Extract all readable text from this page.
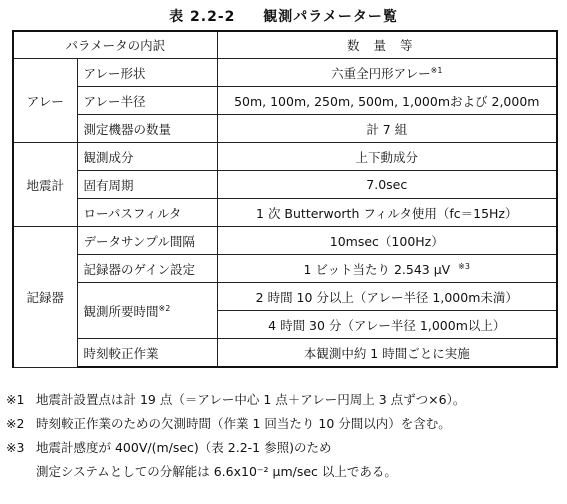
表 2.2-2 観測パラメーター覧
パラメータの内訳		数量等
アレー	アレー形状	六重全円形アレー$^{※1}$
	アレー半径	50m, 100m, 250m, 500m, 1,000mおよび 2,000m
	測定機器の数量	計 7 組
地震計	観測成分	上下動成分
	固有周期	7.0sec
	ローパスフィルタ	1 次 Butterworth フィルタ使用（fc＝15Hz）
記録器	データサンプル間隔	10msec（100Hz）
	記録器のゲイン設定	1 ビット当たり 2.543 μV $^{※3}$
	観測所要時間$^{※2}$	2 時間 10 分以上（アレー半径 1,000m未満）
		4 時間 30 分（アレー半径 1,000m以上）
	時刻較正作業	本観測中約 1 時間ごとに実施
※1 地震計設置点は計 19 点（＝アレー中心 1 点＋アレー円周上 3 点ずつ×6）。
※2 時刻較正作業のための欠測時間（作業 1 回当たり 10 分間以内）を含む。
※3 地震計感度が 400V/(m/sec)（表 2.2-1 参照)のため
測定システムとしての分解能は 6.6x10⁻² μm/sec 以上である。
